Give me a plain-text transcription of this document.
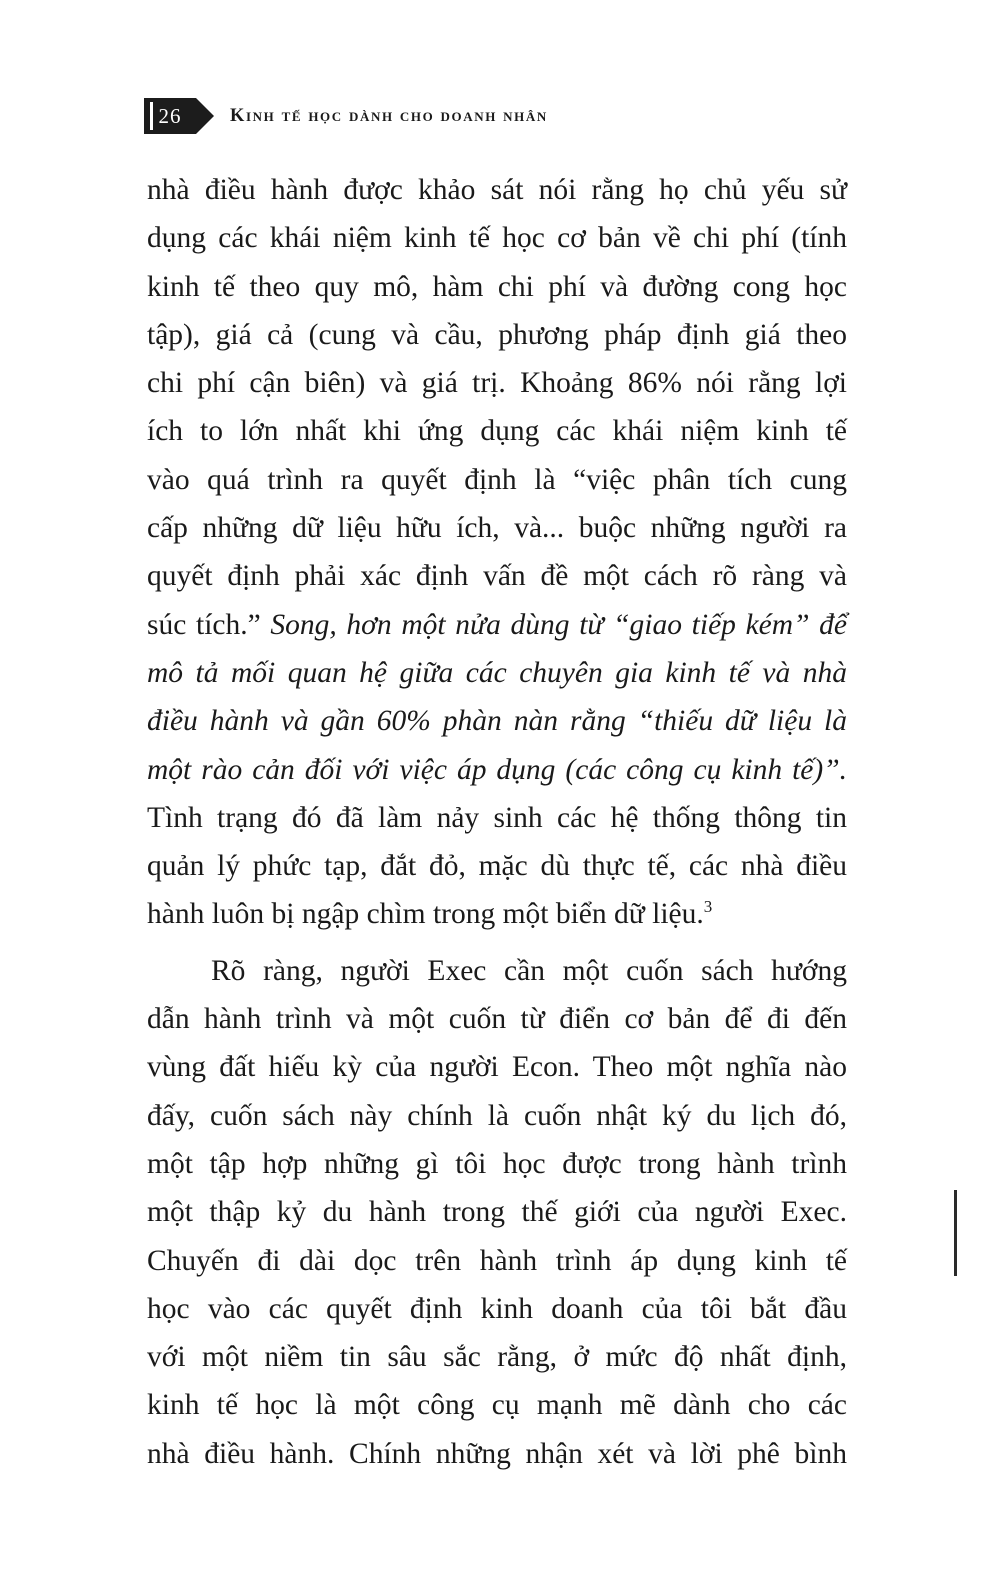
26	Kinh tế học dành cho doanh nhân
nhà điều hành được khảo sát nói rằng họ chủ yếu sử
dụng các khái niệm kinh tế học cơ bản về chi phí (tính
kinh tế theo quy mô, hàm chi phí và đường cong học
tập), giá cả (cung và cầu, phương pháp định giá theo
chi phí cận biên) và giá trị. Khoảng 86% nói rằng lợi
ích to lớn nhất khi ứng dụng các khái niệm kinh tế
vào quá trình ra quyết định là “việc phân tích cung
cấp những dữ liệu hữu ích, và... buộc những người ra
quyết định phải xác định vấn đề một cách rõ ràng và
súc tích.” Song, hơn một nửa dùng từ “giao tiếp kém” để
mô tả mối quan hệ giữa các chuyên gia kinh tế và nhà
điều hành và gần 60% phàn nàn rằng “thiếu dữ liệu là
một rào cản đối với việc áp dụng (các công cụ kinh tế)”.
Tình trạng đó đã làm nảy sinh các hệ thống thông tin
quản lý phức tạp, đắt đỏ, mặc dù thực tế, các nhà điều
hành luôn bị ngập chìm trong một biển dữ liệu.$^3$
Rõ ràng, người Exec cần một cuốn sách hướng
dẫn hành trình và một cuốn từ điển cơ bản để đi đến
vùng đất hiếu kỳ của người Econ. Theo một nghĩa nào
đấy, cuốn sách này chính là cuốn nhật ký du lịch đó,
một tập hợp những gì tôi học được trong hành trình
một thập kỷ du hành trong thế giới của người Exec.
Chuyến đi dài dọc trên hành trình áp dụng kinh tế
học vào các quyết định kinh doanh của tôi bắt đầu
với một niềm tin sâu sắc rằng, ở mức độ nhất định,
kinh tế học là một công cụ mạnh mẽ dành cho các
nhà điều hành. Chính những nhận xét và lời phê bình
